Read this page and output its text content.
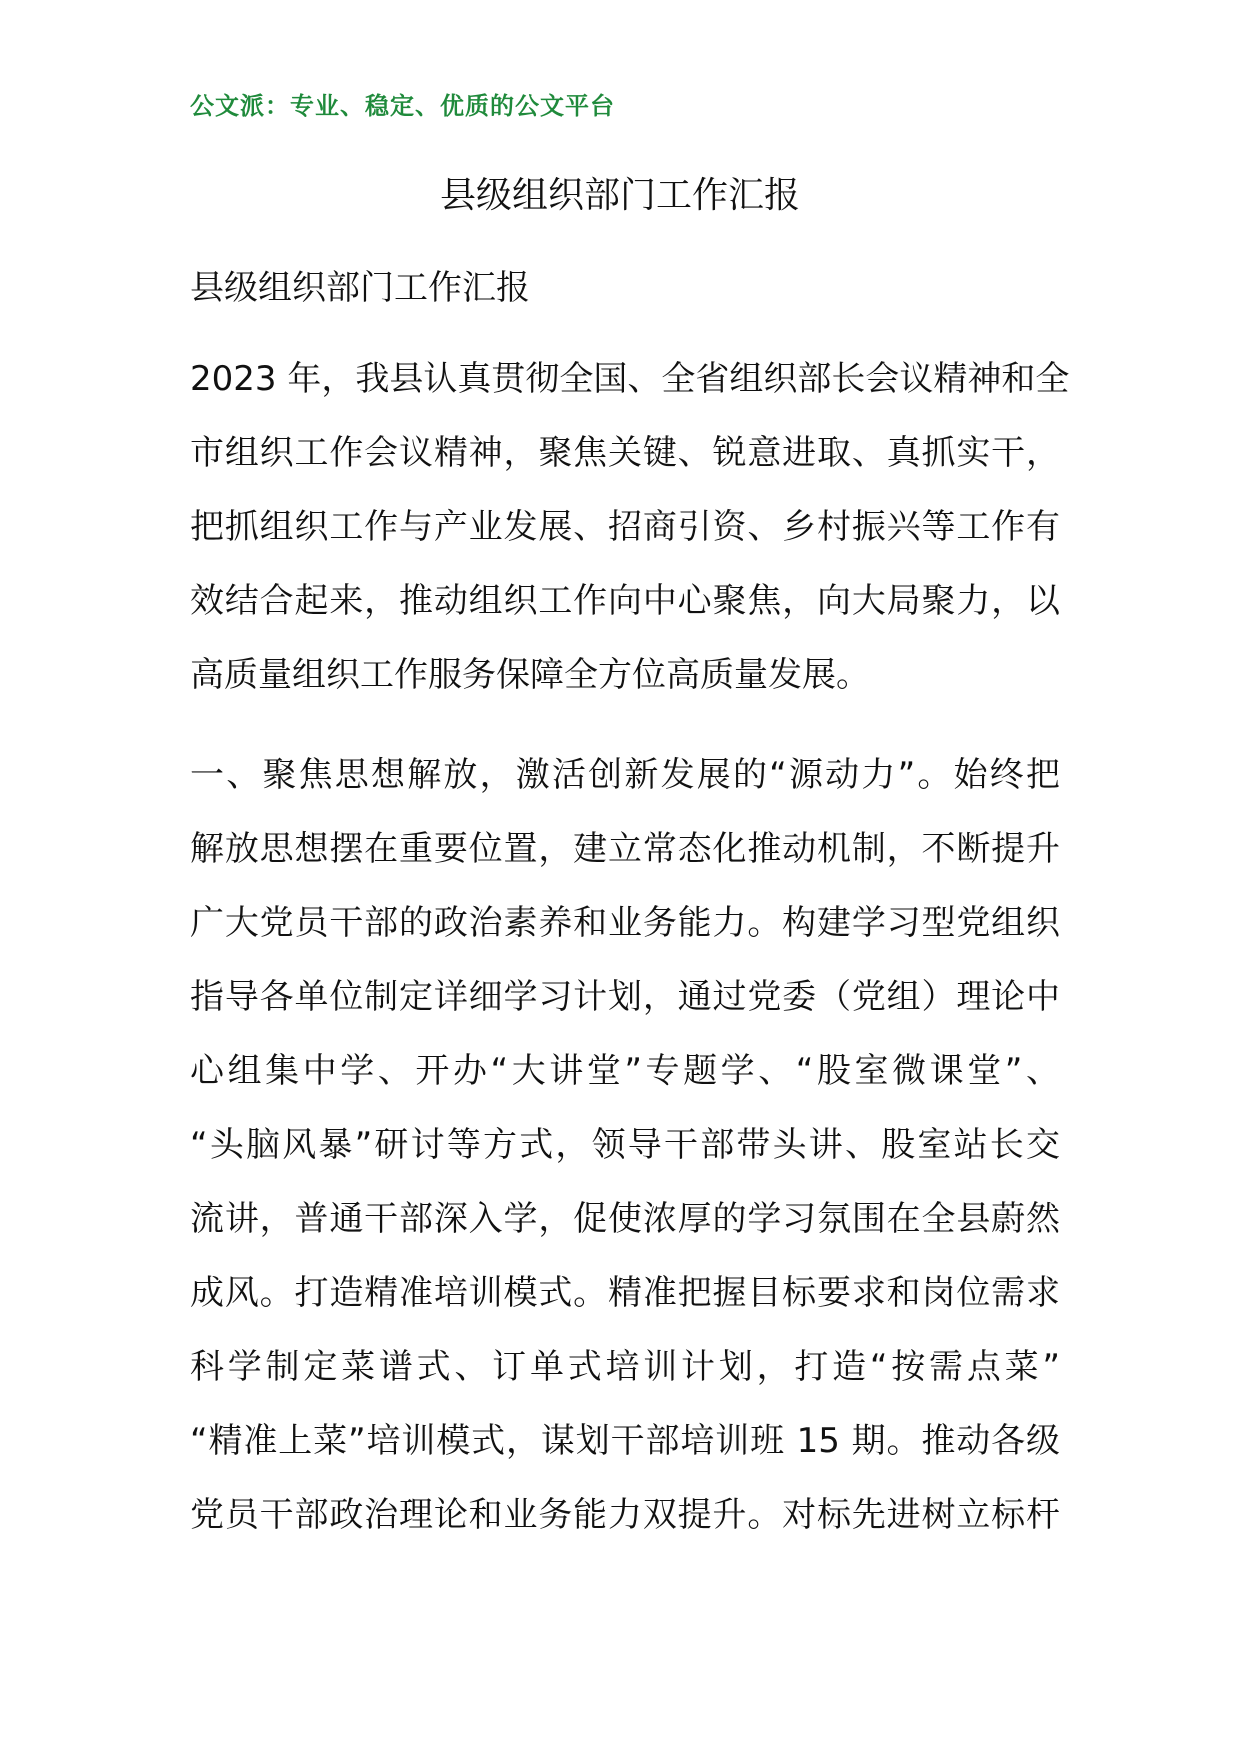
公文派：专业、稳定、优质的公文平台
县级组织部门工作汇报
县级组织部门工作汇报
2023 年，我县认真贯彻全国、全省组织部长会议精神和全
市组织工作会议精神，聚焦关键、锐意进取、真抓实干，
把抓组织工作与产业发展、招商引资、乡村振兴等工作有
效结合起来，推动组织工作向中心聚焦，向大局聚力，以
高质量组织工作服务保障全方位高质量发展。
一、聚焦思想解放，激活创新发展的“源动力”。始终把
解放思想摆在重要位置，建立常态化推动机制，不断提升
广大党员干部的政治素养和业务能力。构建学习型党组织
指导各单位制定详细学习计划，通过党委（党组）理论中
心组集中学、开办“大讲堂”专题学、“股室微课堂”、
“头脑风暴”研讨等方式，领导干部带头讲、股室站长交
流讲，普通干部深入学，促使浓厚的学习氛围在全县蔚然
成风。打造精准培训模式。精准把握目标要求和岗位需求
科学制定菜谱式、订单式培训计划，打造“按需点菜”
“精准上菜”培训模式，谋划干部培训班 15 期。推动各级
党员干部政治理论和业务能力双提升。对标先进树立标杆
